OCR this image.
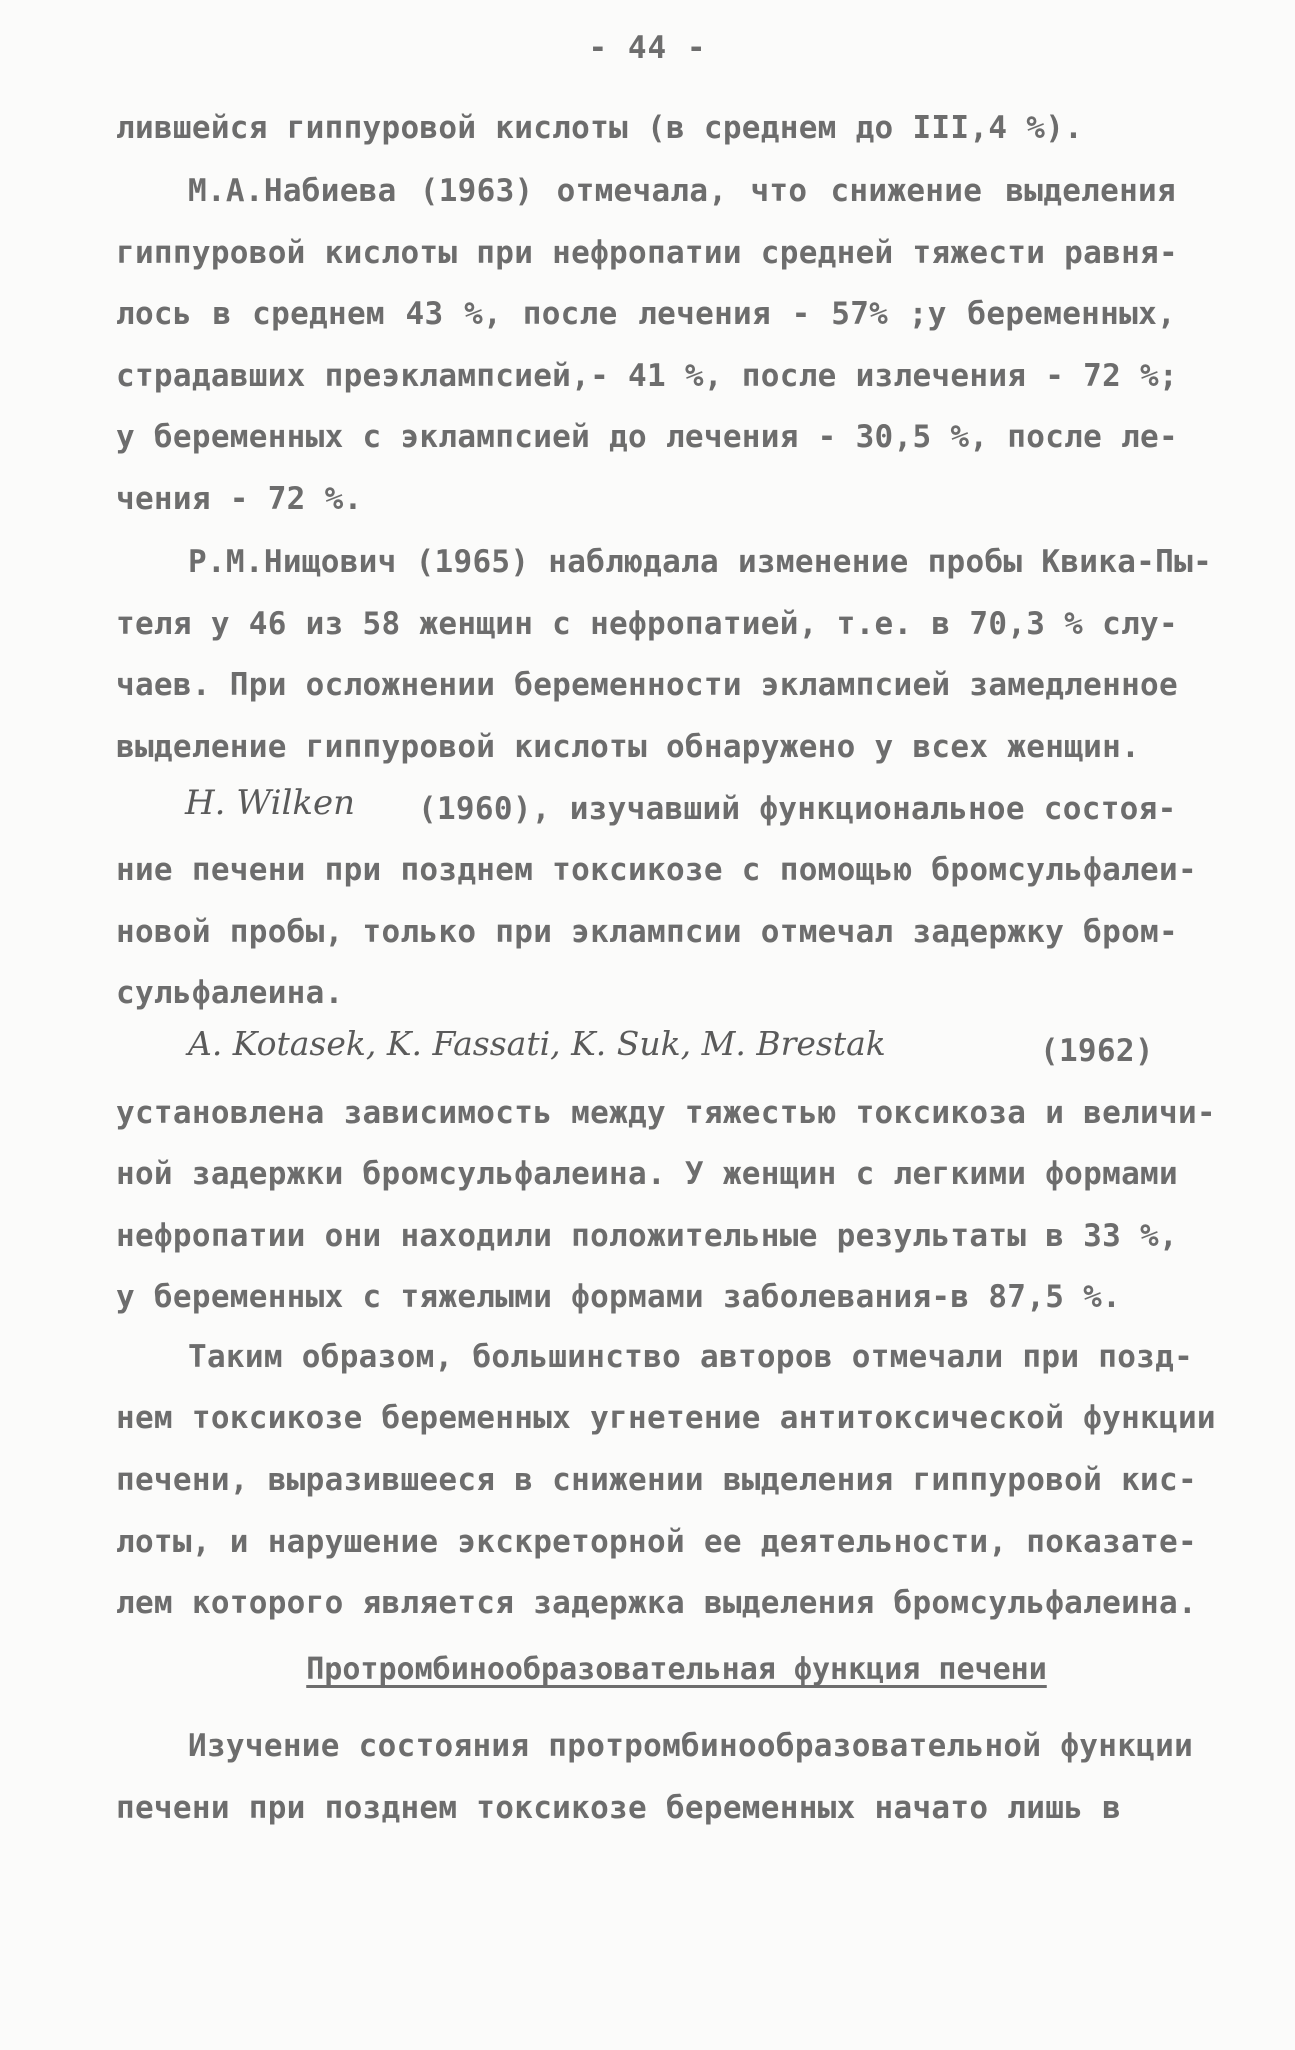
- 44 -
лившейся гиппуровой кислоты (в среднем до III,4 %).
М.А.Набиева (1963) отмечала, что снижение выделения
гиппуровой кислоты при нефропатии средней тяжести равня-
лось в среднем 43 %, после лечения - 57% ;у беременных,
страдавших преэклампсией,- 41 %, после излечения - 72 %;
у беременных с эклампсией до лечения - 30,5 %, после ле-
чения - 72 %.
Р.М.Нищович (1965) наблюдала изменение пробы Квика-Пы-
теля у 46 из 58 женщин с нефропатией, т.е. в 70,3 % слу-
чаев. При осложнении беременности эклампсией замедленное
выделение гиппуровой кислоты обнаружено у всех женщин.
H. Wilken (1960), изучавший функциональное состоя-
ние печени при позднем токсикозе с помощью бромсульфалеи-
новой пробы, только при эклампсии отмечал задержку бром-
сульфалеина.
A. Kotasek, K. Fassati, K. Suk, M. Brestak	(1962)
установлена зависимость между тяжестью токсикоза и величи-
ной задержки бромсульфалеина. У женщин с легкими формами
нефропатии они находили положительные результаты в 33 %,
у беременных с тяжелыми формами заболевания-в 87,5 %.
Таким образом, большинство авторов отмечали при позд-
нем токсикозе беременных угнетение антитоксической функции
Протромбинообразовательная функция печени
печени, выразившееся в снижении выделения гиппуровой кис-
лоты, и нарушение экскреторной ее деятельности, показате-
лем которого является задержка выделения бромсульфалеина.
Изучение состояния протромбинообразовательной функции
печени при позднем токсикозе беременных начато лишь в
